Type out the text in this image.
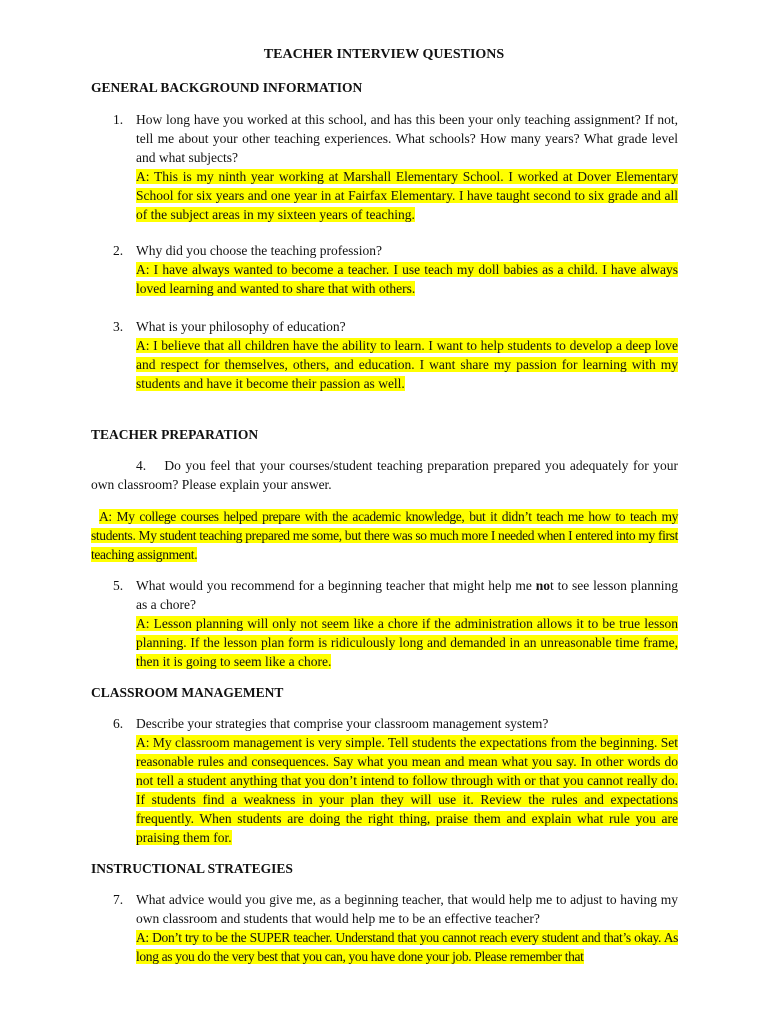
TEACHER INTERVIEW QUESTIONS
GENERAL BACKGROUND INFORMATION
1. How long have you worked at this school, and has this been your only teaching assignment? If not, tell me about your other teaching experiences. What schools? How many years? What grade level and what subjects?
A: This is my ninth year working at Marshall Elementary School. I worked at Dover Elementary School for six years and one year in at Fairfax Elementary. I have taught second to six grade and all of the subject areas in my sixteen years of teaching.
2. Why did you choose the teaching profession?
A: I have always wanted to become a teacher. I use teach my doll babies as a child. I have always loved learning and wanted to share that with others.
3. What is your philosophy of education?
A: I believe that all children have the ability to learn. I want to help students to develop a deep love and respect for themselves, others, and education. I want share my passion for learning with my students and have it become their passion as well.
TEACHER PREPARATION
4. Do you feel that your courses/student teaching preparation prepared you adequately for your own classroom? Please explain your answer.
A: My college courses helped prepare with the academic knowledge, but it didn’t teach me how to teach my students. My student teaching prepared me some, but there was so much more I needed when I entered into my first teaching assignment.
5. What would you recommend for a beginning teacher that might help me not to see lesson planning as a chore?
A: Lesson planning will only not seem like a chore if the administration allows it to be true lesson planning. If the lesson plan form is ridiculously long and demanded in an unreasonable time frame, then it is going to seem like a chore.
CLASSROOM MANAGEMENT
6. Describe your strategies that comprise your classroom management system?
A: My classroom management is very simple. Tell students the expectations from the beginning. Set reasonable rules and consequences. Say what you mean and mean what you say. In other words do not tell a student anything that you don’t intend to follow through with or that you cannot really do. If students find a weakness in your plan they will use it. Review the rules and expectations frequently. When students are doing the right thing, praise them and explain what rule you are praising them for.
INSTRUCTIONAL STRATEGIES
7. What advice would you give me, as a beginning teacher, that would help me to adjust to having my own classroom and students that would help me to be an effective teacher?
A: Don’t try to be the SUPER teacher. Understand that you cannot reach every student and that’s okay. As long as you do the very best that you can, you have done your job. Please remember that
